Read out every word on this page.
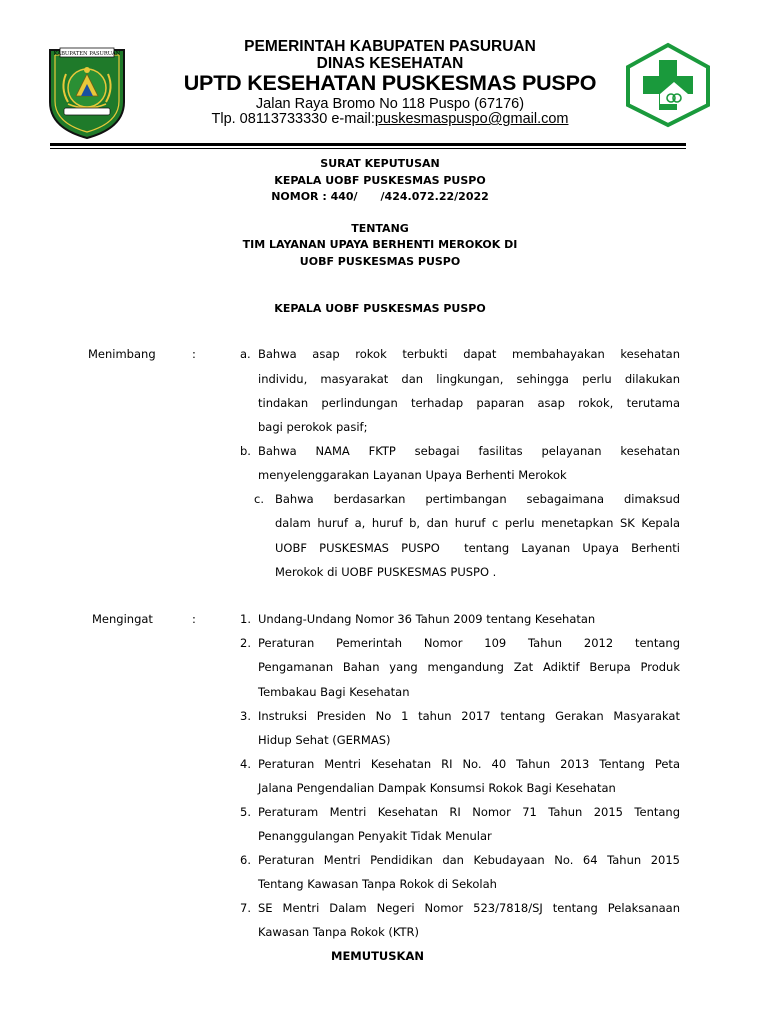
KABUPATEN PASURUAN	PEMERINTAH KABUPATEN PASURUAN
DINAS KESEHATAN
UPTD KESEHATAN PUSKESMAS PUSPO
Jalan Raya Bromo No 118 Puspo (67176)
Tlp. 08113733330 e-mail:puskesmaspuspo@gmail.com
SURAT KEPUTUSAN
KEPALA UOBF PUSKESMAS PUSPO
NOMOR : 440/      /424.072.22/2022
TENTANG
TIM LAYANAN UPAYA BERHENTI MEROKOK DI
UOBF PUSKESMAS PUSPO
KEPALA UOBF PUSKESMAS PUSPO
Menimbang	:	a. Bahwa asap rokok terbukti dapat membahayakan kesehatan
individu, masyarakat dan lingkungan, sehingga perlu dilakukan
tindakan perlindungan terhadap paparan asap rokok, terutama
bagi perokok pasif;
b. Bahwa NAMA FKTP sebagai fasilitas pelayanan kesehatan
menyelenggarakan Layanan Upaya Berhenti Merokok
c. Bahwa berdasarkan pertimbangan sebagaimana dimaksud
dalam huruf a, huruf b, dan huruf c perlu menetapkan SK Kepala
UOBF PUSKESMAS PUSPO  tentang Layanan Upaya Berhenti
Merokok di UOBF PUSKESMAS PUSPO .
Mengingat	:	1. Undang-Undang Nomor 36 Tahun 2009 tentang Kesehatan
2. Peraturan Pemerintah Nomor 109 Tahun 2012 tentang
Pengamanan Bahan yang mengandung Zat Adiktif Berupa Produk
Tembakau Bagi Kesehatan
3. Instruksi Presiden No 1 tahun 2017 tentang Gerakan Masyarakat
Hidup Sehat (GERMAS)
4. Peraturan Mentri Kesehatan RI No. 40 Tahun 2013 Tentang Peta
Jalana Pengendalian Dampak Konsumsi Rokok Bagi Kesehatan
5. Peraturam Mentri Kesehatan RI Nomor 71 Tahun 2015 Tentang
Penanggulangan Penyakit Tidak Menular
6. Peraturan Mentri Pendidikan dan Kebudayaan No. 64 Tahun 2015
Tentang Kawasan Tanpa Rokok di Sekolah
7. SE Mentri Dalam Negeri Nomor 523/7818/SJ tentang Pelaksanaan
Kawasan Tanpa Rokok (KTR)
MEMUTUSKAN
